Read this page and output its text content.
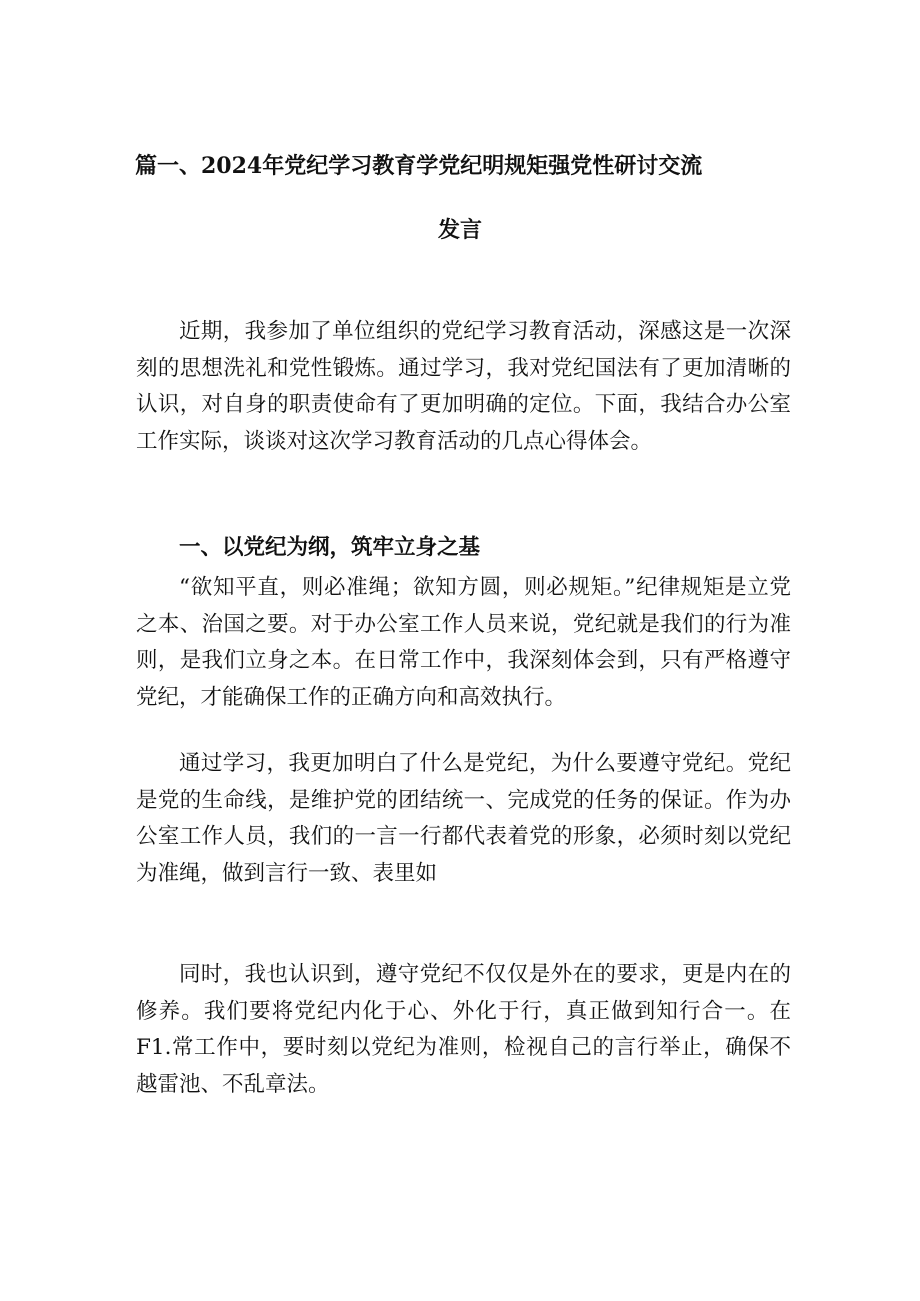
篇一、2024年党纪学习教育学党纪明规矩强党性研讨交流
发言

近期，我参加了单位组织的党纪学习教育活动，深感这是一次深刻的思想洗礼和党性锻炼。通过学习，我对党纪国法有了更加清晰的认识，对自身的职责使命有了更加明确的定位。下面，我结合办公室工作实际，谈谈对这次学习教育活动的几点心得体会。

一、以党纪为纲，筑牢立身之基

“欲知平直，则必准绳；欲知方圆，则必规矩。”纪律规矩是立党之本、治国之要。对于办公室工作人员来说，党纪就是我们的行为准则，是我们立身之本。在日常工作中，我深刻体会到，只有严格遵守党纪，才能确保工作的正确方向和高效执行。

通过学习，我更加明白了什么是党纪，为什么要遵守党纪。党纪是党的生命线，是维护党的团结统一、完成党的任务的保证。作为办公室工作人员，我们的一言一行都代表着党的形象，必须时刻以党纪为准绳，做到言行一致、表里如

同时，我也认识到，遵守党纪不仅仅是外在的要求，更是内在的修养。我们要将党纪内化于心、外化于行，真正做到知行合一。在F1.常工作中，要时刻以党纪为准则，检视自己的言行举止，确保不越雷池、不乱章法。
